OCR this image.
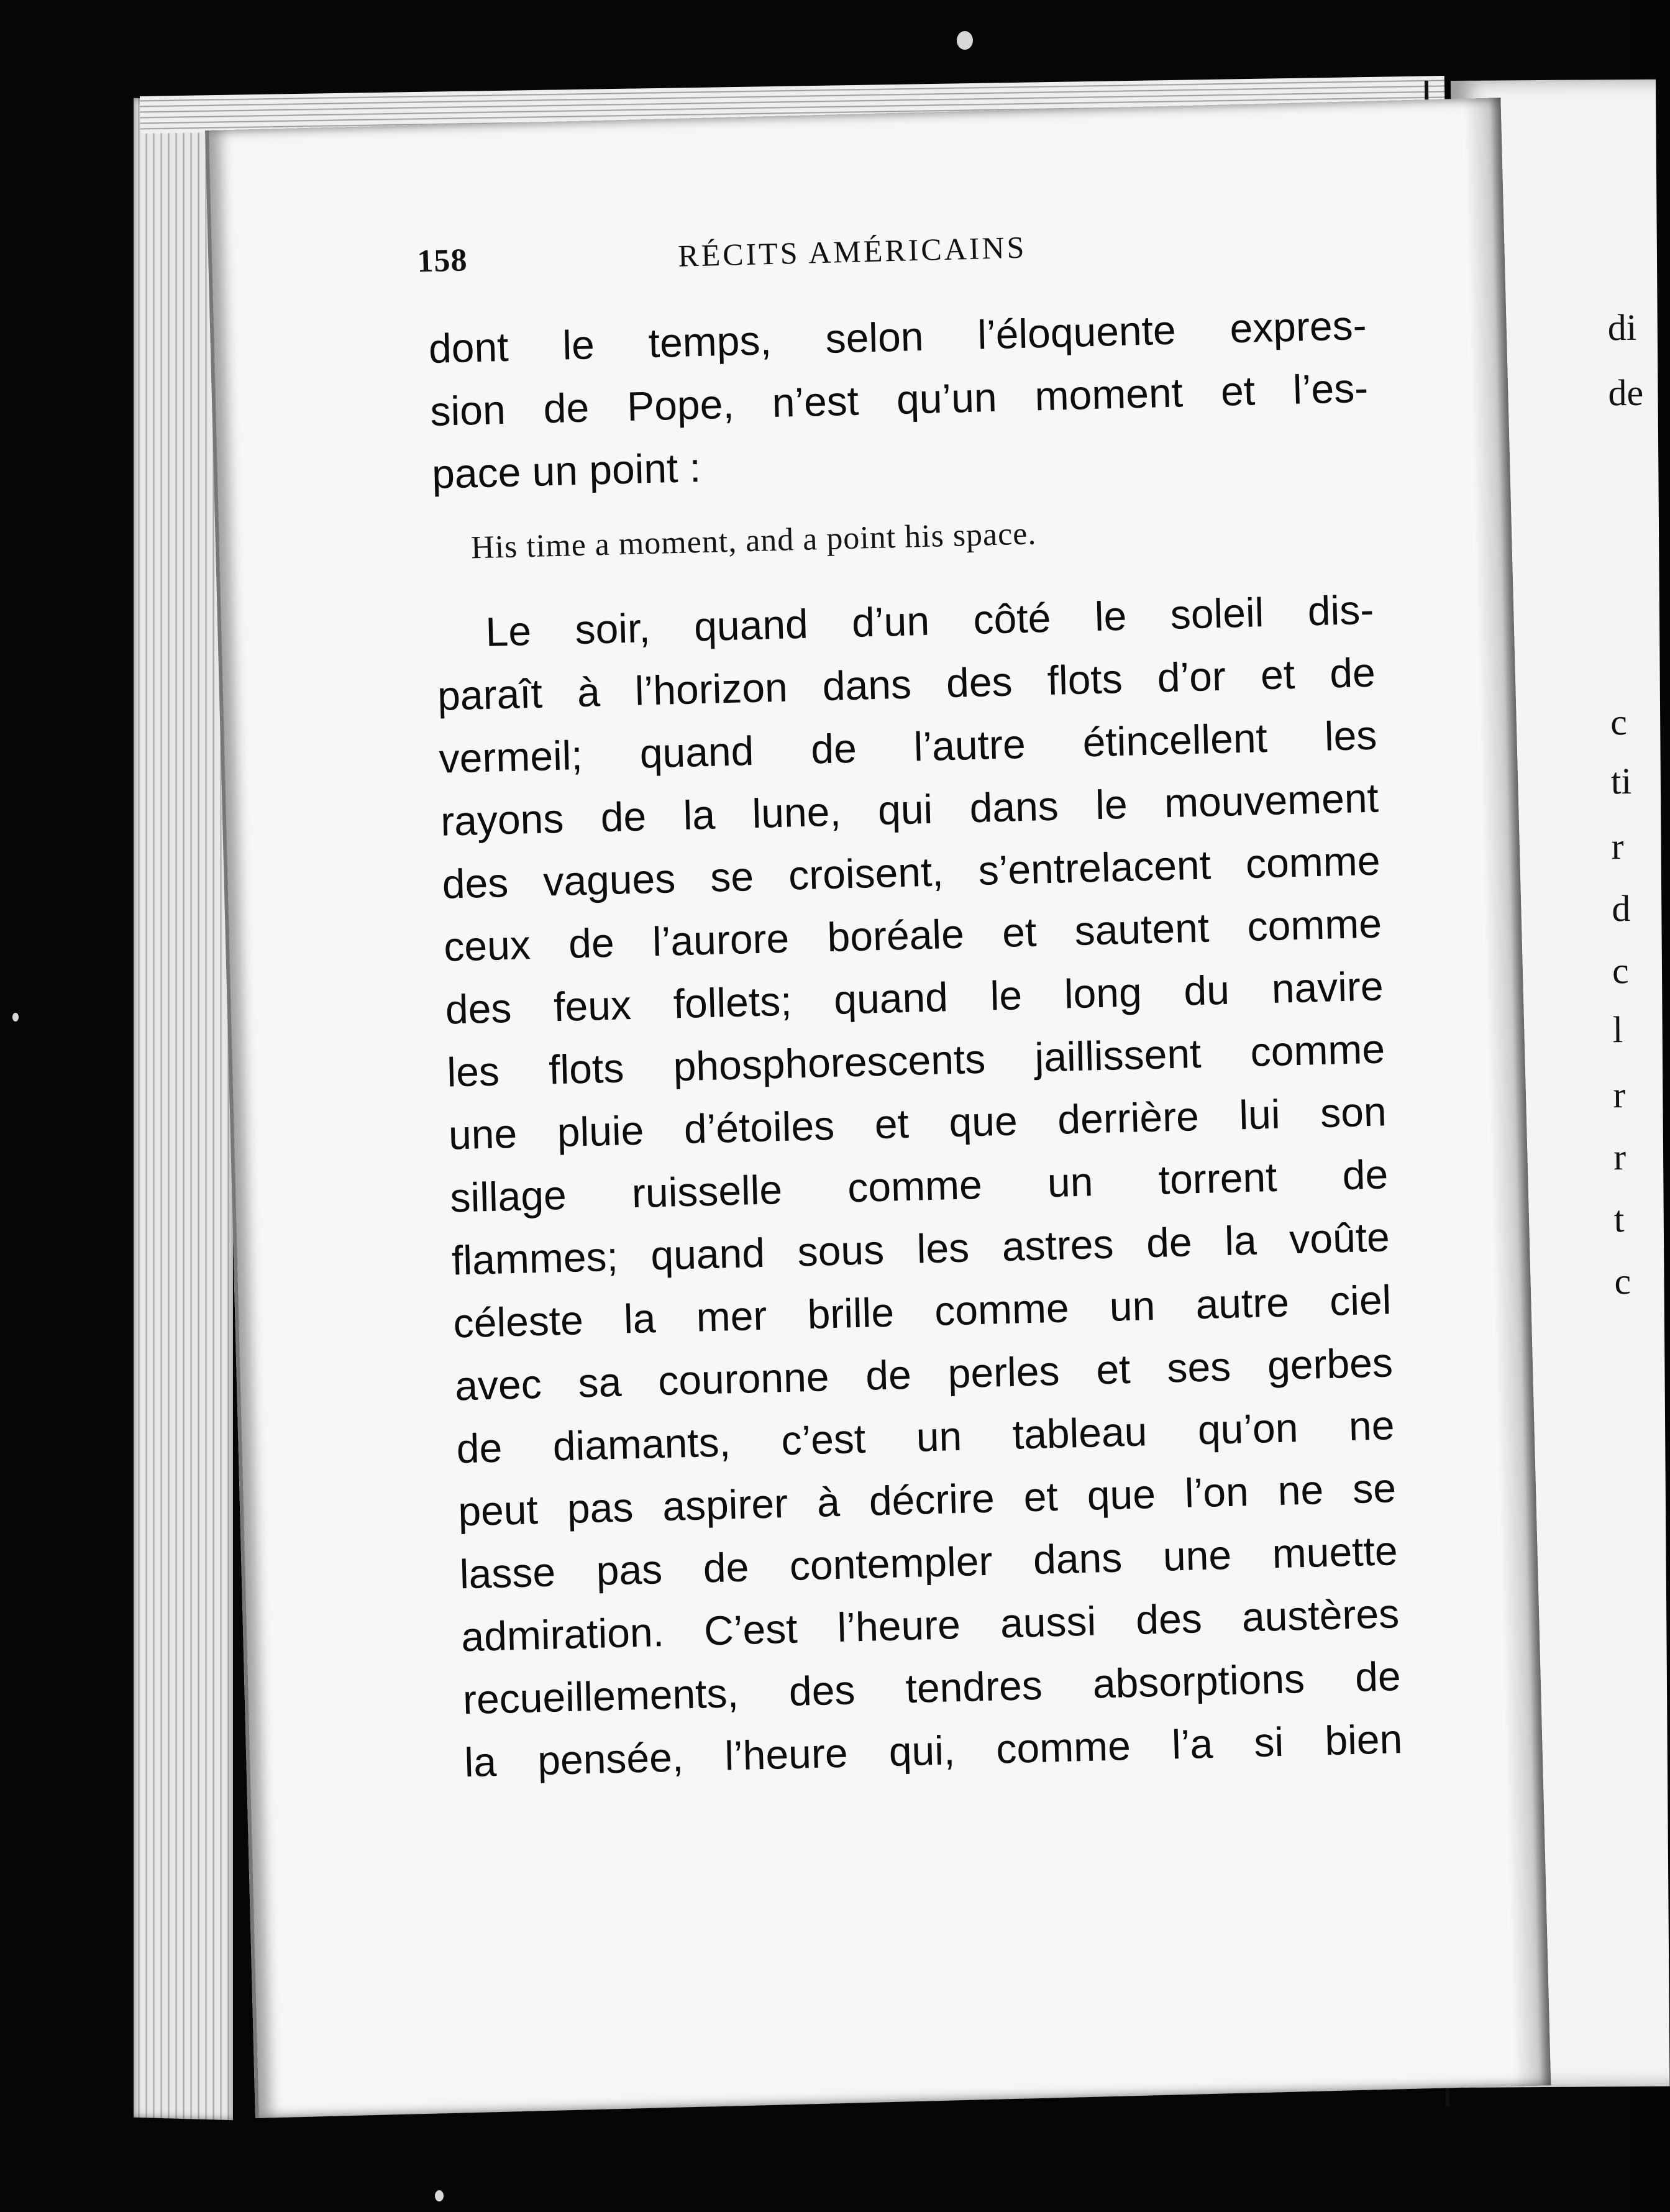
di
de
c
ti
r
d
c
l
r
r
t
c
158	RÉCITS AMÉRICAINS
dont le temps, selon l’éloquente expres-
sion de Pope, n’est qu’un moment et l’es-
pace un point :
His time a moment, and a point his space.
Le soir, quand d’un côté le soleil dis-
paraît à l’horizon dans des flots d’or et de
vermeil; quand de l’autre étincellent les
rayons de la lune, qui dans le mouvement
des vagues se croisent, s’entrelacent comme
ceux de l’aurore boréale et sautent comme
des feux follets; quand le long du navire
les flots phosphorescents jaillissent comme
une pluie d’étoiles et que derrière lui son
sillage ruisselle comme un torrent de
flammes; quand sous les astres de la voûte
céleste la mer brille comme un autre ciel
avec sa couronne de perles et ses gerbes
de diamants, c’est un tableau qu’on ne
peut pas aspirer à décrire et que l’on ne se
lasse pas de contempler dans une muette
admiration. C’est l’heure aussi des austères
recueillements, des tendres absorptions de
la pensée, l’heure qui, comme l’a si bien
